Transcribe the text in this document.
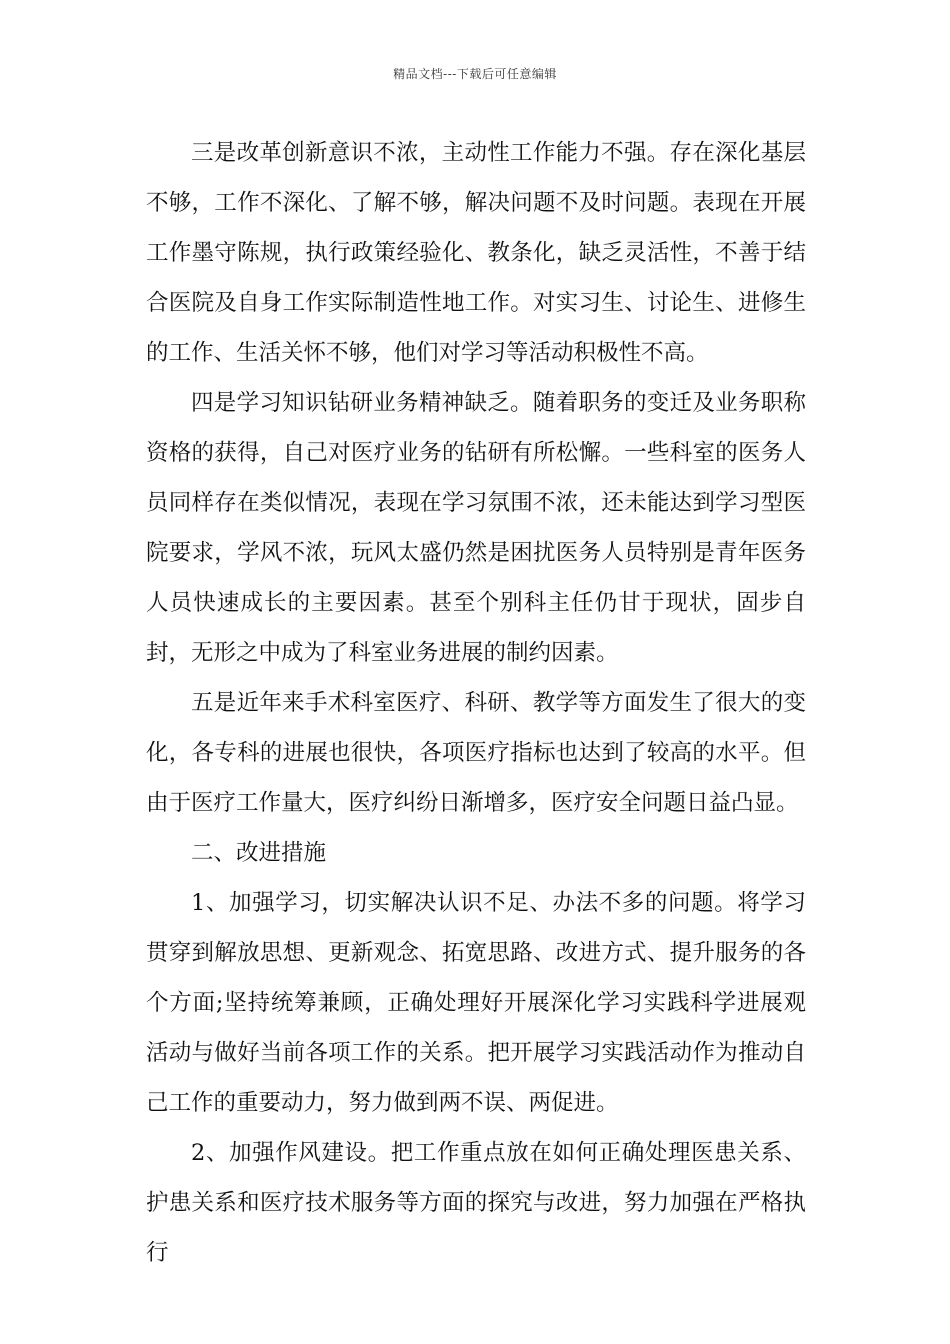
精品文档---下载后可任意编辑

三是改革创新意识不浓，主动性工作能力不强。存在深化基层不够，工作不深化、了解不够，解决问题不及时问题。表现在开展工作墨守陈规，执行政策经验化、教条化，缺乏灵活性，不善于结合医院及自身工作实际制造性地工作。对实习生、讨论生、进修生的工作、生活关怀不够，他们对学习等活动积极性不高。

四是学习知识钻研业务精神缺乏。随着职务的变迁及业务职称资格的获得，自己对医疗业务的钻研有所松懈。一些科室的医务人员同样存在类似情况，表现在学习氛围不浓，还未能达到学习型医院要求，学风不浓，玩风太盛仍然是困扰医务人员特别是青年医务人员快速成长的主要因素。甚至个别科主任仍甘于现状，固步自封，无形之中成为了科室业务进展的制约因素。

五是近年来手术科室医疗、科研、教学等方面发生了很大的变化，各专科的进展也很快，各项医疗指标也达到了较高的水平。但由于医疗工作量大，医疗纠纷日渐增多，医疗安全问题日益凸显。

二、改进措施

1、加强学习，切实解决认识不足、办法不多的问题。将学习贯穿到解放思想、更新观念、拓宽思路、改进方式、提升服务的各个方面;坚持统筹兼顾，正确处理好开展深化学习实践科学进展观活动与做好当前各项工作的关系。把开展学习实践活动作为推动自己工作的重要动力，努力做到两不误、两促进。

2、加强作风建设。把工作重点放在如何正确处理医患关系、护患关系和医疗技术服务等方面的探究与改进，努力加强在严格执行
